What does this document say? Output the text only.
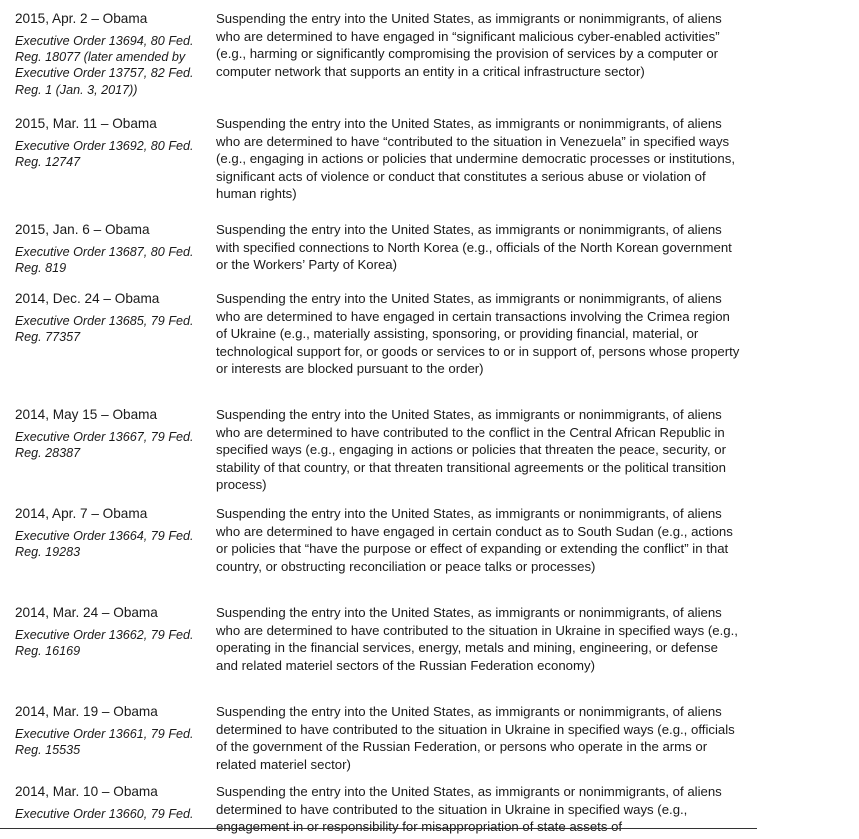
2015, Apr. 2 – Obama
Executive Order 13694, 80 Fed. Reg. 18077 (later amended by Executive Order 13757, 82 Fed. Reg. 1 (Jan. 3, 2017))
Suspending the entry into the United States, as immigrants or nonimmigrants, of aliens who are determined to have engaged in “significant malicious cyber-enabled activities” (e.g., harming or significantly compromising the provision of services by a computer or computer network that supports an entity in a critical infrastructure sector)
2015, Mar. 11 – Obama
Executive Order 13692, 80 Fed. Reg. 12747
Suspending the entry into the United States, as immigrants or nonimmigrants, of aliens who are determined to have “contributed to the situation in Venezuela” in specified ways (e.g., engaging in actions or policies that undermine democratic processes or institutions, significant acts of violence or conduct that constitutes a serious abuse or violation of human rights)
2015, Jan. 6 – Obama
Executive Order 13687, 80 Fed. Reg. 819
Suspending the entry into the United States, as immigrants or nonimmigrants, of aliens with specified connections to North Korea (e.g., officials of the North Korean government or the Workers’ Party of Korea)
2014, Dec. 24 – Obama
Executive Order 13685, 79 Fed. Reg. 77357
Suspending the entry into the United States, as immigrants or nonimmigrants, of aliens who are determined to have engaged in certain transactions involving the Crimea region of Ukraine (e.g., materially assisting, sponsoring, or providing financial, material, or technological support for, or goods or services to or in support of, persons whose property or interests are blocked pursuant to the order)
2014, May 15 – Obama
Executive Order 13667, 79 Fed. Reg. 28387
Suspending the entry into the United States, as immigrants or nonimmigrants, of aliens who are determined to have contributed to the conflict in the Central African Republic in specified ways (e.g., engaging in actions or policies that threaten the peace, security, or stability of that country, or that threaten transitional agreements or the political transition process)
2014, Apr. 7 – Obama
Executive Order 13664, 79 Fed. Reg. 19283
Suspending the entry into the United States, as immigrants or nonimmigrants, of aliens who are determined to have engaged in certain conduct as to South Sudan (e.g., actions or policies that “have the purpose or effect of expanding or extending the conflict” in that country, or obstructing reconciliation or peace talks or processes)
2014, Mar. 24 – Obama
Executive Order 13662, 79 Fed. Reg. 16169
Suspending the entry into the United States, as immigrants or nonimmigrants, of aliens who are determined to have contributed to the situation in Ukraine in specified ways (e.g., operating in the financial services, energy, metals and mining, engineering, or defense and related materiel sectors of the Russian Federation economy)
2014, Mar. 19 – Obama
Executive Order 13661, 79 Fed. Reg. 15535
Suspending the entry into the United States, as immigrants or nonimmigrants, of aliens determined to have contributed to the situation in Ukraine in specified ways (e.g., officials of the government of the Russian Federation, or persons who operate in the arms or related materiel sector)
2014, Mar. 10 – Obama
Executive Order 13660, 79 Fed.
Suspending the entry into the United States, as immigrants or nonimmigrants, of aliens determined to have contributed to the situation in Ukraine in specified ways (e.g., engagement in or responsibility for misappropriation of state assets of
